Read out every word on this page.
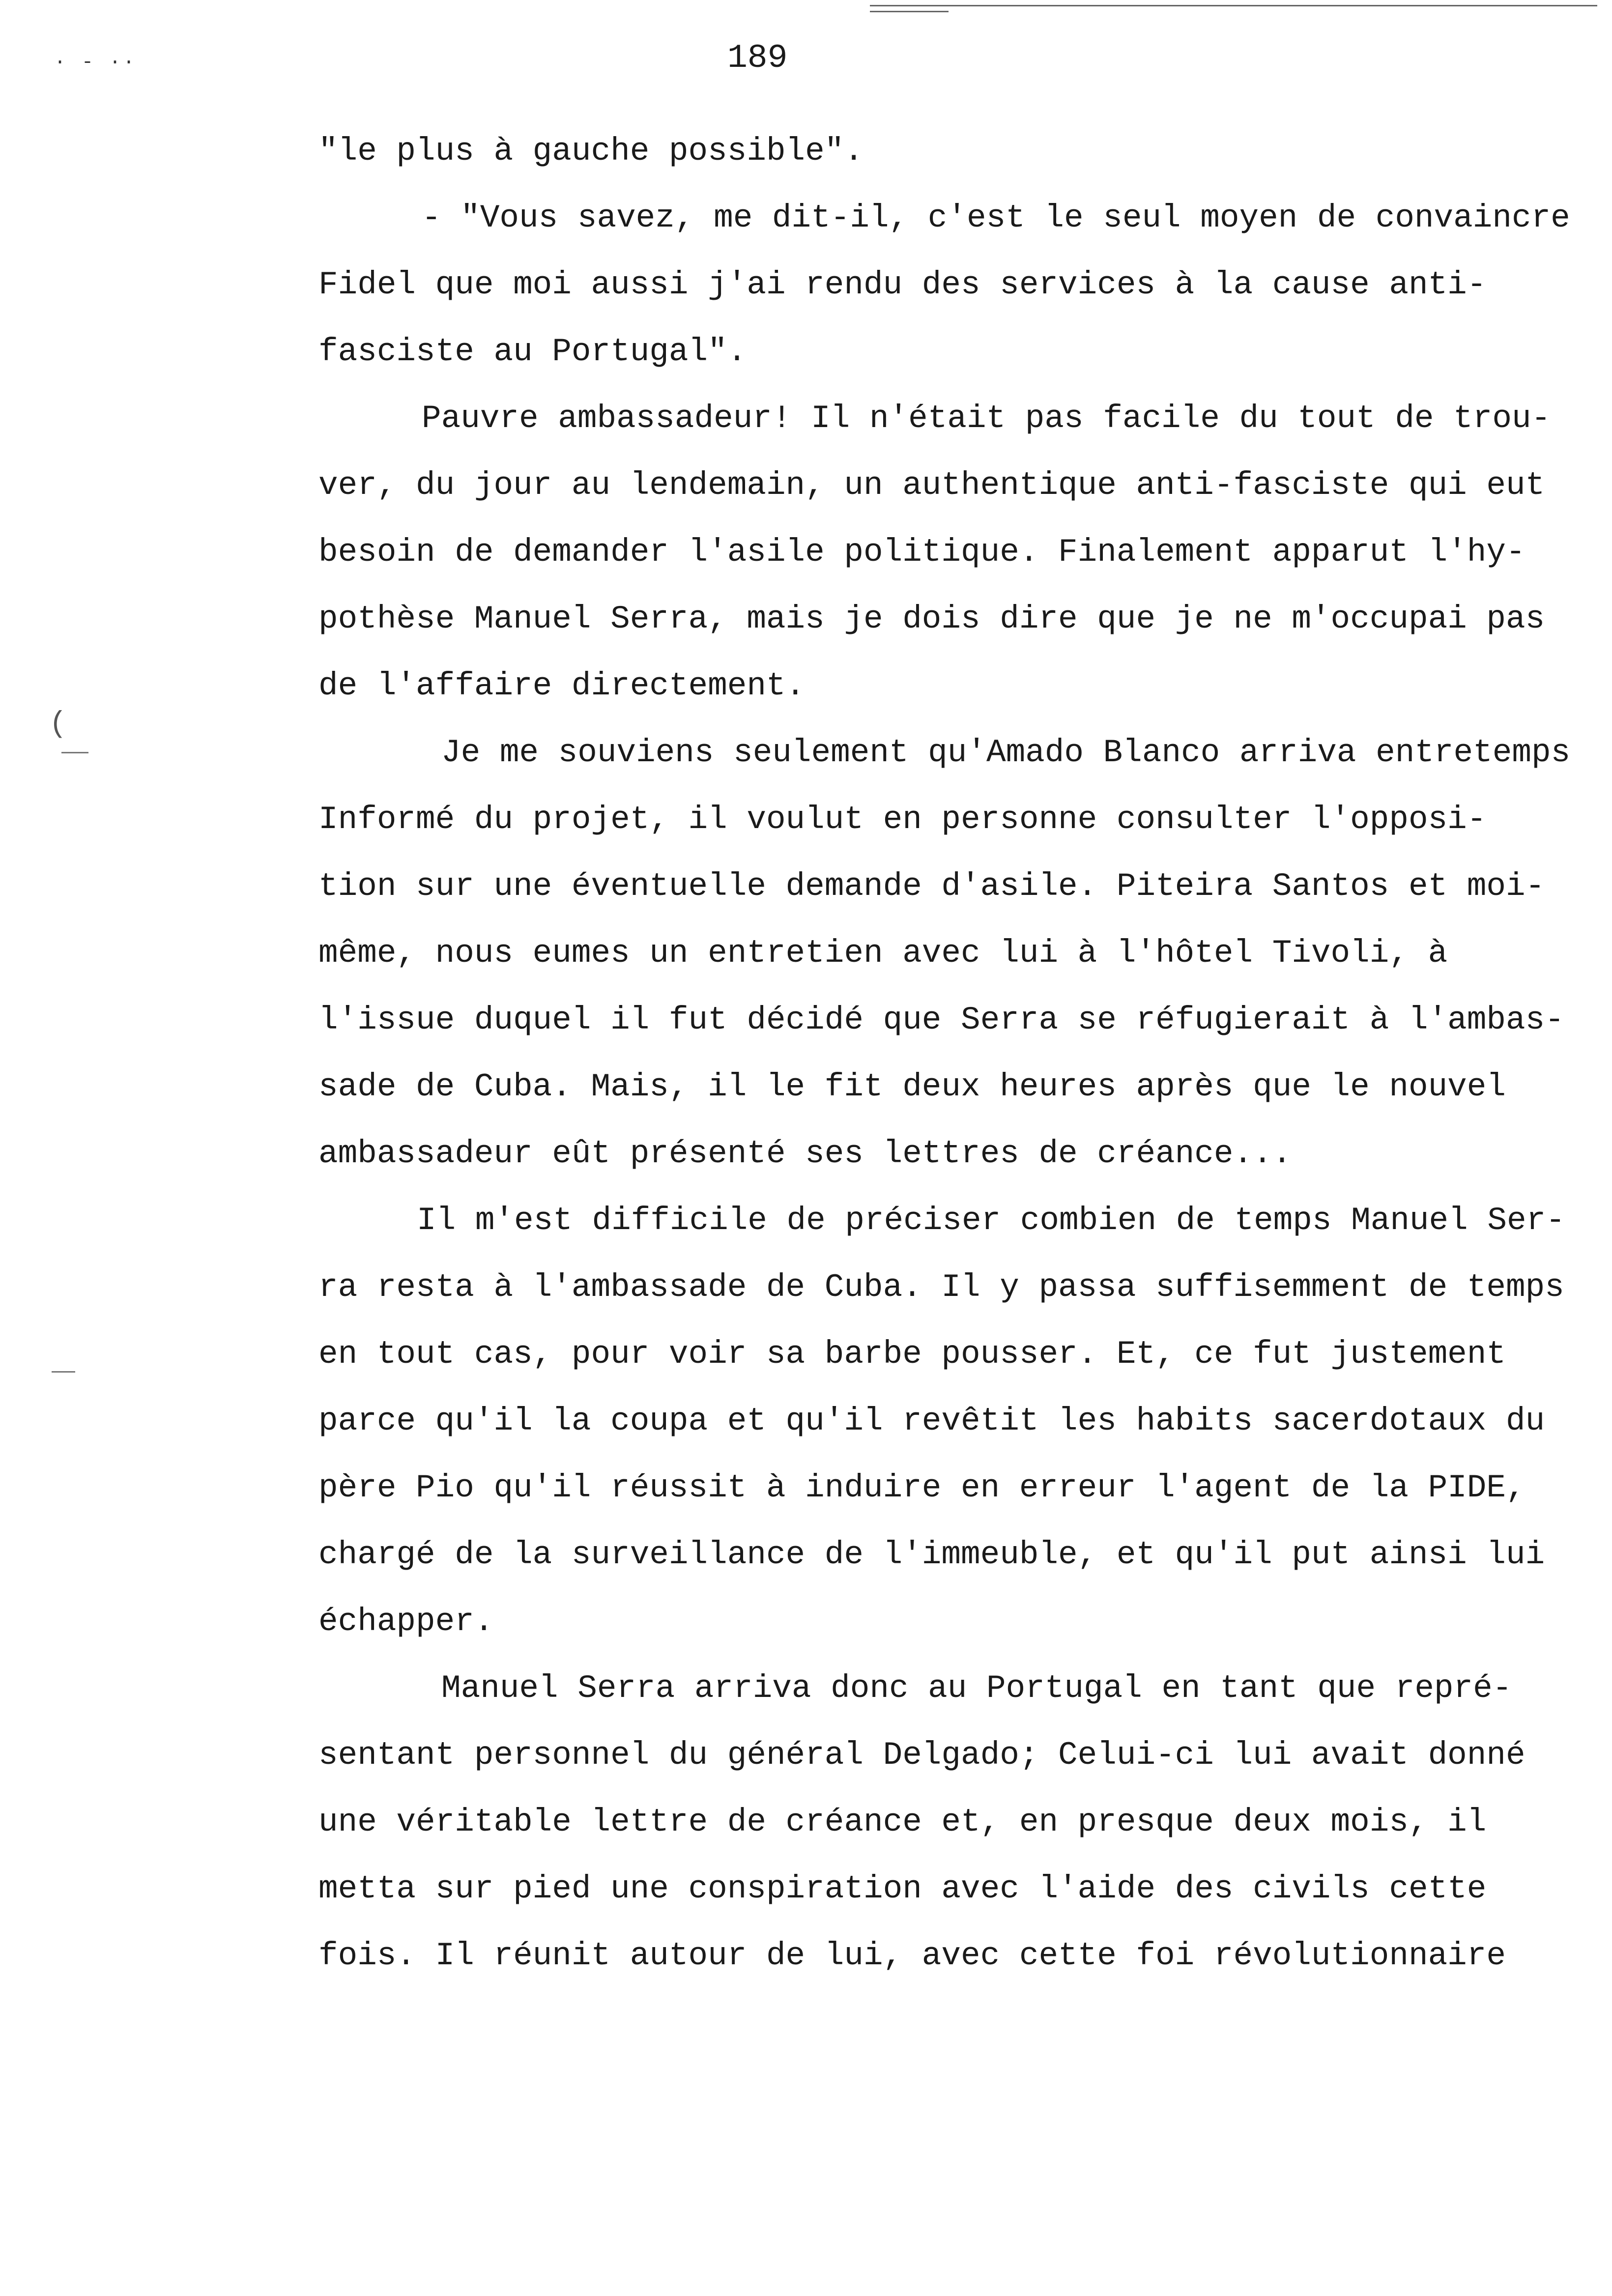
· - ··
(
189
"le plus à gauche possible".
- "Vous savez, me dit-il, c'est le seul moyen de convaincre
Fidel que moi aussi j'ai rendu des services à la cause anti-
fasciste au Portugal".
Pauvre ambassadeur! Il n'était pas facile du tout de trou-
ver, du jour au lendemain, un authentique anti-fasciste qui eut
besoin de demander l'asile politique. Finalement apparut l'hy-
pothèse Manuel Serra, mais je dois dire que je ne m'occupai pas
de l'affaire directement.
Je me souviens seulement qu'Amado Blanco arriva entretemps
Informé du projet, il voulut en personne consulter l'opposi-
tion sur une éventuelle demande d'asile. Piteira Santos et moi-
même, nous eumes un entretien avec lui à l'hôtel Tivoli, à
l'issue duquel il fut décidé que Serra se réfugierait à l'ambas-
sade de Cuba. Mais, il le fit deux heures après que le nouvel
ambassadeur eût présenté ses lettres de créance...
Il m'est difficile de préciser combien de temps Manuel Ser-
ra resta à l'ambassade de Cuba. Il y passa suffisemment de temps
en tout cas, pour voir sa barbe pousser. Et, ce fut justement
parce qu'il la coupa et qu'il revêtit les habits sacerdotaux du
père Pio qu'il réussit à induire en erreur l'agent de la PIDE,
chargé de la surveillance de l'immeuble, et qu'il put ainsi lui
échapper.
Manuel Serra arriva donc au Portugal en tant que repré-
sentant personnel du général Delgado; Celui-ci lui avait donné
une véritable lettre de créance et, en presque deux mois, il
metta sur pied une conspiration avec l'aide des civils cette
fois. Il réunit autour de lui, avec cette foi révolutionnaire
